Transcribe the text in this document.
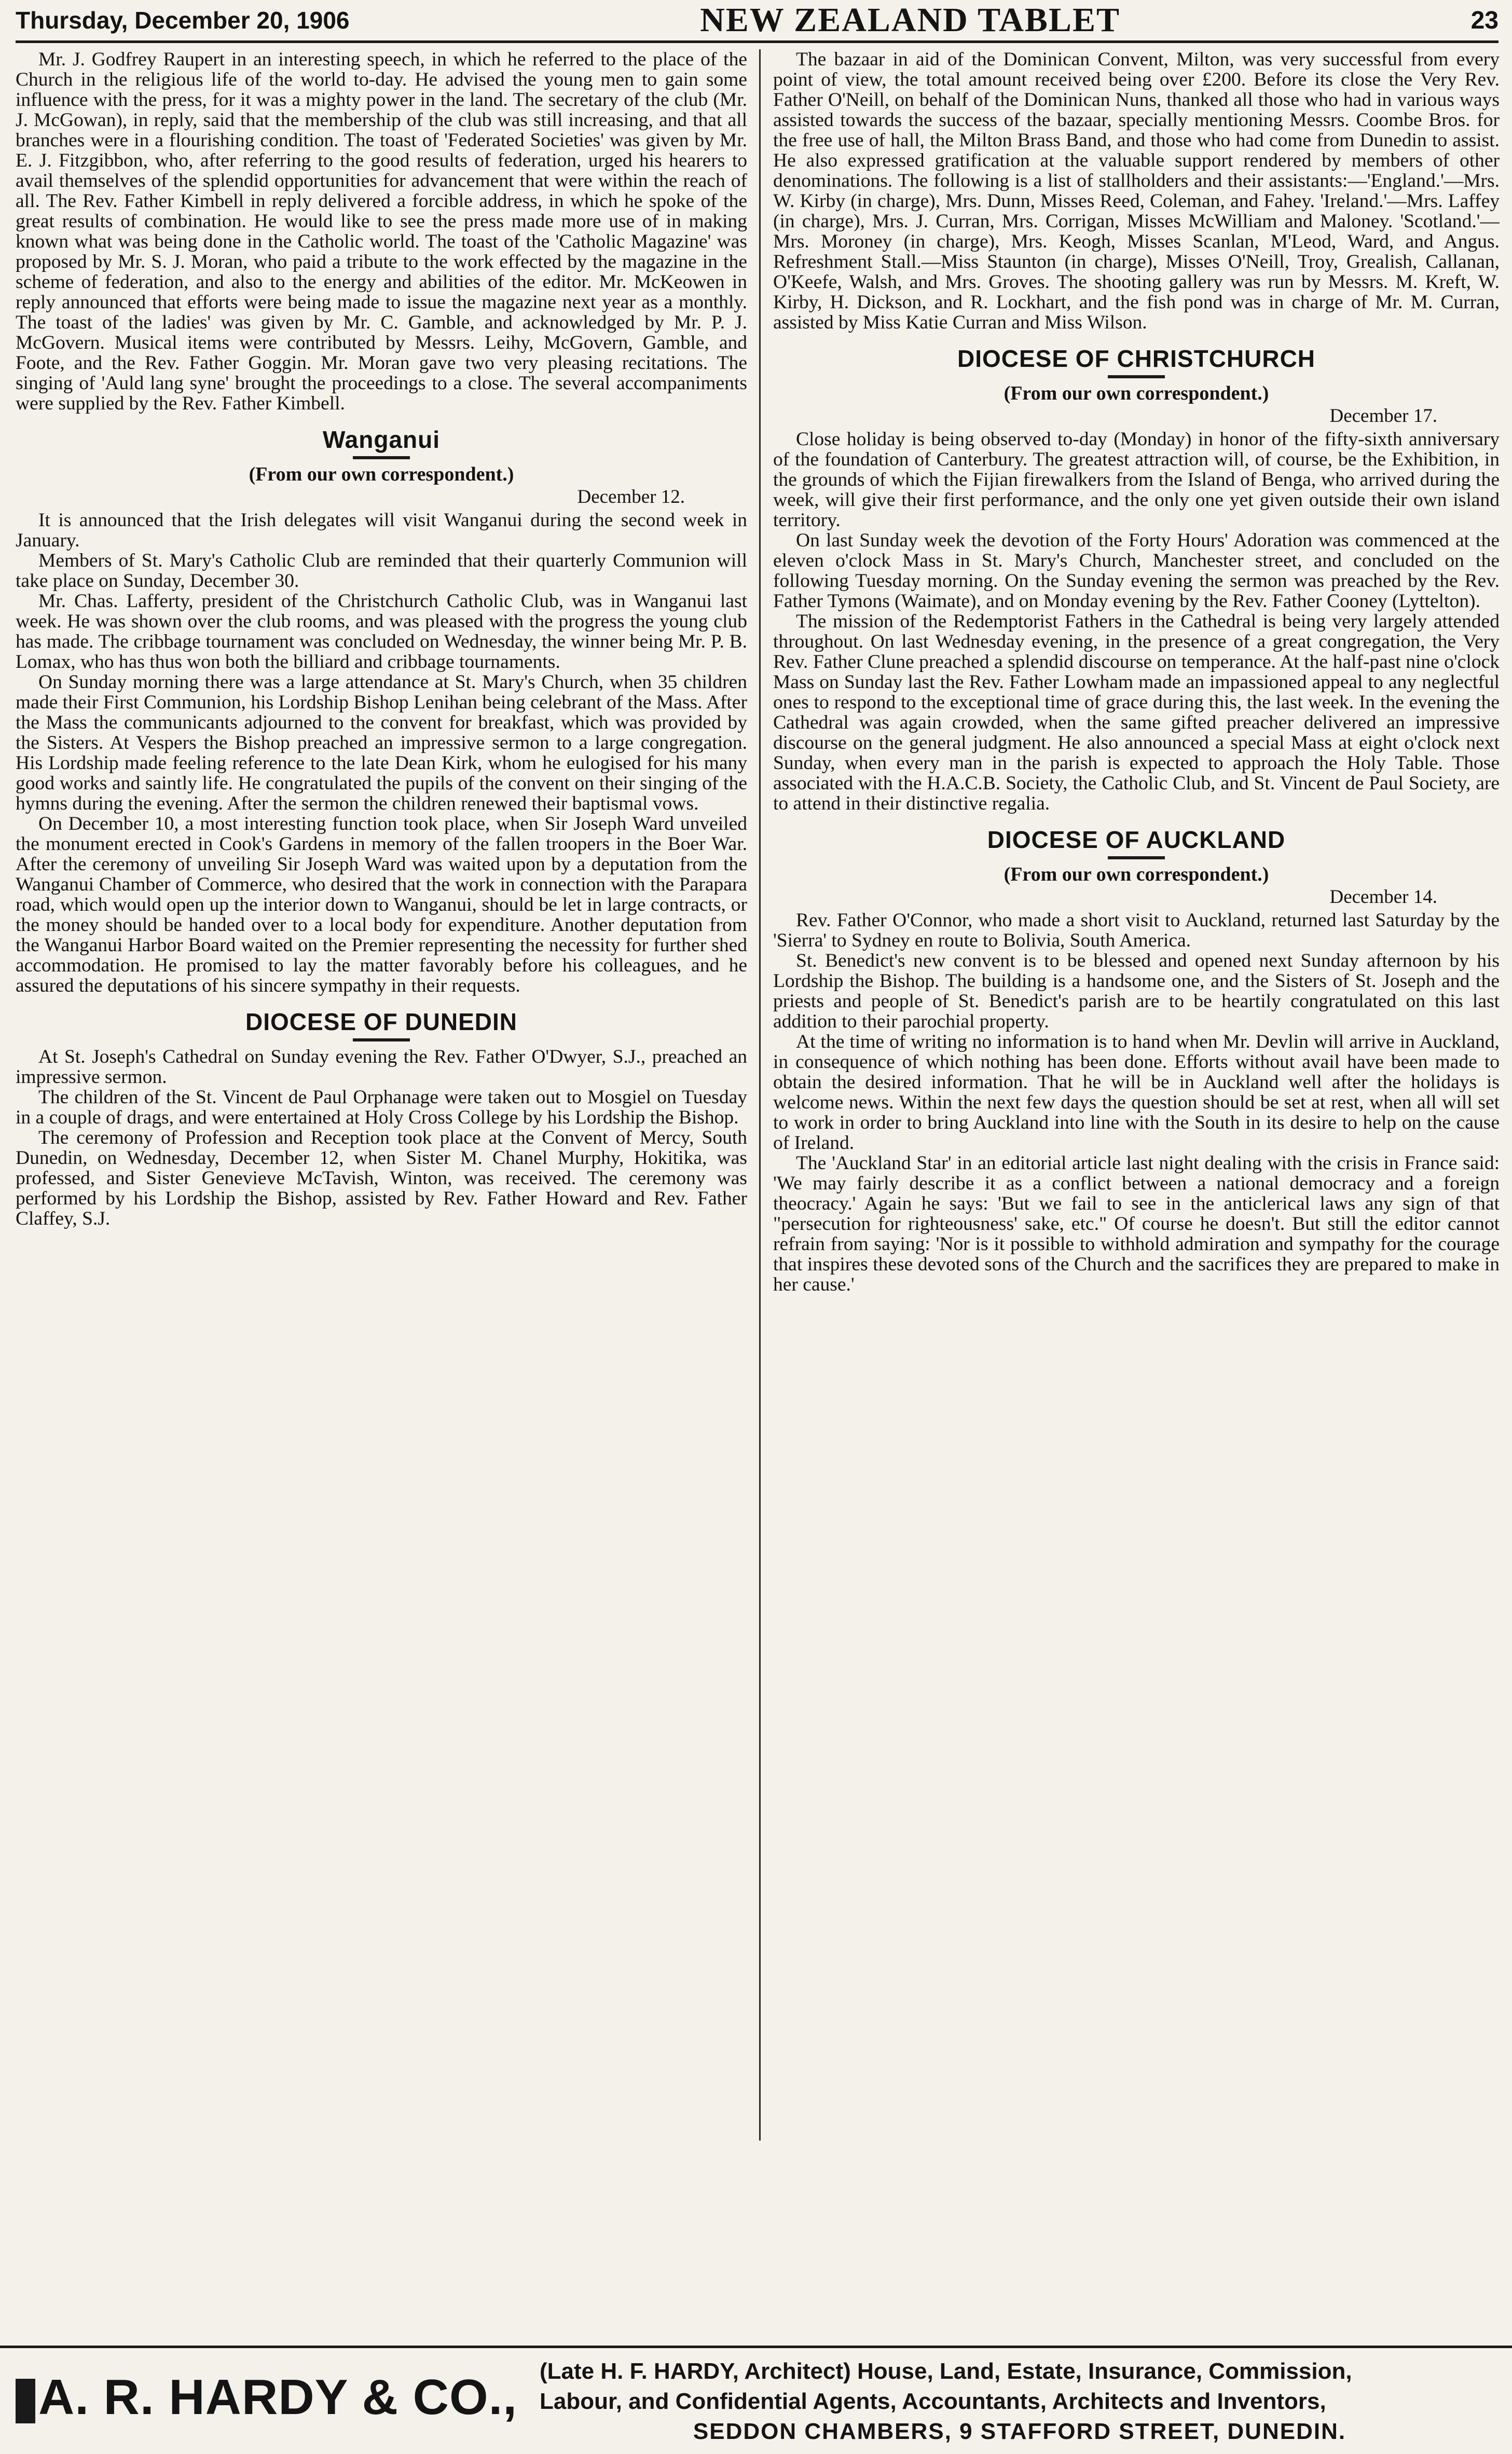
Thursday, December 20, 1906	NEW ZEALAND TABLET	23

Mr. J. Godfrey Raupert in an interesting speech, in which he referred to the place of the Church in the religious life of the world to-day. He advised the young men to gain some influence with the press, for it was a mighty power in the land. The secretary of the club (Mr. J. McGowan), in reply, said that the membership of the club was still increasing, and that all branches were in a flourishing condition. The toast of 'Federated Societies' was given by Mr. E. J. Fitzgibbon, who, after referring to the good results of federation, urged his hearers to avail themselves of the splendid opportunities for advancement that were within the reach of all. The Rev. Father Kimbell in reply delivered a forcible address, in which he spoke of the great results of combination. He would like to see the press made more use of in making known what was being done in the Catholic world. The toast of the 'Catholic Magazine' was proposed by Mr. S. J. Moran, who paid a tribute to the work effected by the magazine in the scheme of federation, and also to the energy and abilities of the editor. Mr. McKeowen in reply announced that efforts were being made to issue the magazine next year as a monthly. The toast of the ladies' was given by Mr. C. Gamble, and acknowledged by Mr. P. J. McGovern. Musical items were contributed by Messrs. Leihy, McGovern, Gamble, and Foote, and the Rev. Father Goggin. Mr. Moran gave two very pleasing recitations. The singing of 'Auld lang syne' brought the proceedings to a close. The several accompaniments were supplied by the Rev. Father Kimbell.

Wanganui
(From our own correspondent.)
December 12.

It is announced that the Irish delegates will visit Wanganui during the second week in January.

Members of St. Mary's Catholic Club are reminded that their quarterly Communion will take place on Sunday, December 30.

Mr. Chas. Lafferty, president of the Christchurch Catholic Club, was in Wanganui last week. He was shown over the club rooms, and was pleased with the progress the young club has made. The cribbage tournament was concluded on Wednesday, the winner being Mr. P. B. Lomax, who has thus won both the billiard and cribbage tournaments.

On Sunday morning there was a large attendance at St. Mary's Church, when 35 children made their First Communion, his Lordship Bishop Lenihan being celebrant of the Mass. After the Mass the communicants adjourned to the convent for breakfast, which was provided by the Sisters. At Vespers the Bishop preached an impressive sermon to a large congregation. His Lordship made feeling reference to the late Dean Kirk, whom he eulogised for his many good works and saintly life. He congratulated the pupils of the convent on their singing of the hymns during the evening. After the sermon the children renewed their baptismal vows.

On December 10, a most interesting function took place, when Sir Joseph Ward unveiled the monument erected in Cook's Gardens in memory of the fallen troopers in the Boer War. After the ceremony of unveiling Sir Joseph Ward was waited upon by a deputation from the Wanganui Chamber of Commerce, who desired that the work in connection with the Parapara road, which would open up the interior down to Wanganui, should be let in large contracts, or the money should be handed over to a local body for expenditure. Another deputation from the Wanganui Harbor Board waited on the Premier representing the necessity for further shed accommodation. He promised to lay the matter favorably before his colleagues, and he assured the deputations of his sincere sympathy in their requests.

DIOCESE OF DUNEDIN

At St. Joseph's Cathedral on Sunday evening the Rev. Father O'Dwyer, S.J., preached an impressive sermon.

The children of the St. Vincent de Paul Orphanage were taken out to Mosgiel on Tuesday in a couple of drags, and were entertained at Holy Cross College by his Lordship the Bishop.

The ceremony of Profession and Reception took place at the Convent of Mercy, South Dunedin, on Wednesday, December 12, when Sister M. Chanel Murphy, Hokitika, was professed, and Sister Genevieve McTavish, Winton, was received. The ceremony was performed by his Lordship the Bishop, assisted by Rev. Father Howard and Rev. Father Claffey, S.J.

The bazaar in aid of the Dominican Convent, Milton, was very successful from every point of view, the total amount received being over £200. Before its close the Very Rev. Father O'Neill, on behalf of the Dominican Nuns, thanked all those who had in various ways assisted towards the success of the bazaar, specially mentioning Messrs. Coombe Bros. for the free use of hall, the Milton Brass Band, and those who had come from Dunedin to assist. He also expressed gratification at the valuable support rendered by members of other denominations. The following is a list of stallholders and their assistants:—'England.'—Mrs. W. Kirby (in charge), Mrs. Dunn, Misses Reed, Coleman, and Fahey. 'Ireland.'—Mrs. Laffey (in charge), Mrs. J. Curran, Mrs. Corrigan, Misses McWilliam and Maloney. 'Scotland.'—Mrs. Moroney (in charge), Mrs. Keogh, Misses Scanlan, M'Leod, Ward, and Angus. Refreshment Stall.—Miss Staunton (in charge), Misses O'Neill, Troy, Grealish, Callanan, O'Keefe, Walsh, and Mrs. Groves. The shooting gallery was run by Messrs. M. Kreft, W. Kirby, H. Dickson, and R. Lockhart, and the fish pond was in charge of Mr. M. Curran, assisted by Miss Katie Curran and Miss Wilson.

DIOCESE OF CHRISTCHURCH
(From our own correspondent.)
December 17.

Close holiday is being observed to-day (Monday) in honor of the fifty-sixth anniversary of the foundation of Canterbury. The greatest attraction will, of course, be the Exhibition, in the grounds of which the Fijian firewalkers from the Island of Benga, who arrived during the week, will give their first performance, and the only one yet given outside their own island territory.

On last Sunday week the devotion of the Forty Hours' Adoration was commenced at the eleven o'clock Mass in St. Mary's Church, Manchester street, and concluded on the following Tuesday morning. On the Sunday evening the sermon was preached by the Rev. Father Tymons (Waimate), and on Monday evening by the Rev. Father Cooney (Lyttelton).

The mission of the Redemptorist Fathers in the Cathedral is being very largely attended throughout. On last Wednesday evening, in the presence of a great congregation, the Very Rev. Father Clune preached a splendid discourse on temperance. At the half-past nine o'clock Mass on Sunday last the Rev. Father Lowham made an impassioned appeal to any neglectful ones to respond to the exceptional time of grace during this, the last week. In the evening the Cathedral was again crowded, when the same gifted preacher delivered an impressive discourse on the general judgment. He also announced a special Mass at eight o'clock next Sunday, when every man in the parish is expected to approach the Holy Table. Those associated with the H.A.C.B. Society, the Catholic Club, and St. Vincent de Paul Society, are to attend in their distinctive regalia.

DIOCESE OF AUCKLAND
(From our own correspondent.)
December 14.

Rev. Father O'Connor, who made a short visit to Auckland, returned last Saturday by the 'Sierra' to Sydney en route to Bolivia, South America.

St. Benedict's new convent is to be blessed and opened next Sunday afternoon by his Lordship the Bishop. The building is a handsome one, and the Sisters of St. Joseph and the priests and people of St. Benedict's parish are to be heartily congratulated on this last addition to their parochial property.

At the time of writing no information is to hand when Mr. Devlin will arrive in Auckland, in consequence of which nothing has been done. Efforts without avail have been made to obtain the desired information. That he will be in Auckland well after the holidays is welcome news. Within the next few days the question should be set at rest, when all will set to work in order to bring Auckland into line with the South in its desire to help on the cause of Ireland.

The 'Auckland Star' in an editorial article last night dealing with the crisis in France said: 'We may fairly describe it as a conflict between a national democracy and a foreign theocracy.' Again he says: 'But we fail to see in the anticlerical laws any sign of that "persecution for righteousness' sake, etc." Of course he doesn't. But still the editor cannot refrain from saying: 'Nor is it possible to withhold admiration and sympathy for the courage that inspires these devoted sons of the Church and the sacrifices they are prepared to make in her cause.'

A. R. HARDY & CO., (Late H. F. HARDY, Architect) House, Land, Estate, Insurance, Commission,
Labour, and Confidential Agents, Accountants, Architects and Inventors,
SEDDON CHAMBERS, 9 STAFFORD STREET, DUNEDIN.
